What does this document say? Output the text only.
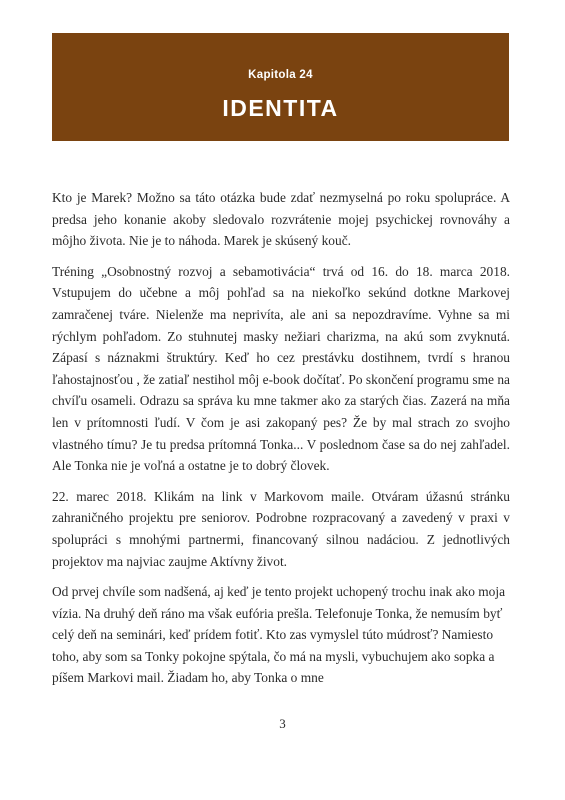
Kapitola 24
IDENTITA

Kto je Marek? Možno sa táto otázka bude zdať nezmyselná po roku spolupráce. A predsa jeho konanie akoby sledovalo rozvrátenie mojej psychickej rovnováhy a môjho života. Nie je to náhoda. Marek je skúsený kouč.

Tréning „Osobnostný rozvoj a sebamotivácia“ trvá od 16. do 18. marca 2018. Vstupujem do učebne a môj pohľad sa na niekoľko sekúnd dotkne Markovej zamračenej tváre. Nielenže ma neprivíta, ale ani sa nepozdravíme. Vyhne sa mi rýchlym pohľadom. Zo stuhnutej masky nežiari charizma, na akú som zvyknutá. Zápasí s náznakmi štruktúry. Keď ho cez prestávku dostihnem, tvrdí s hranou ľahostajnosťou , že zatiaľ nestihol môj e-book dočítať. Po skončení programu sme na chvíľu osameli. Odrazu sa správa ku mne takmer ako za starých čias. Zazerá na mňa len v prítomnosti ľudí. V čom je asi zakopaný pes? Že by mal strach zo svojho vlastného tímu? Je tu predsa prítomná Tonka... V poslednom čase sa do nej zahľadel. Ale Tonka nie je voľná a ostatne je to dobrý človek.

22. marec 2018. Klikám na link v Markovom maile. Otváram úžasnú stránku zahraničného projektu pre seniorov. Podrobne rozpracovaný a zavedený v praxi v spolupráci s mnohými partnermi, financovaný silnou nadáciou. Z jednotlivých projektov ma najviac zaujme Aktívny život.

Od prvej chvíle som nadšená, aj keď je tento projekt uchopený trochu inak ako moja vízia. Na druhý deň ráno ma však eufória prešla. Telefonuje Tonka, že nemusím byť celý deň na seminári, keď prídem fotiť. Kto zas vymyslel túto múdrosť? Namiesto toho, aby som sa Tonky pokojne spýtala, čo má na mysli, vybuchujem ako sopka a píšem Markovi mail. Žiadam ho, aby Tonka o mne

3
